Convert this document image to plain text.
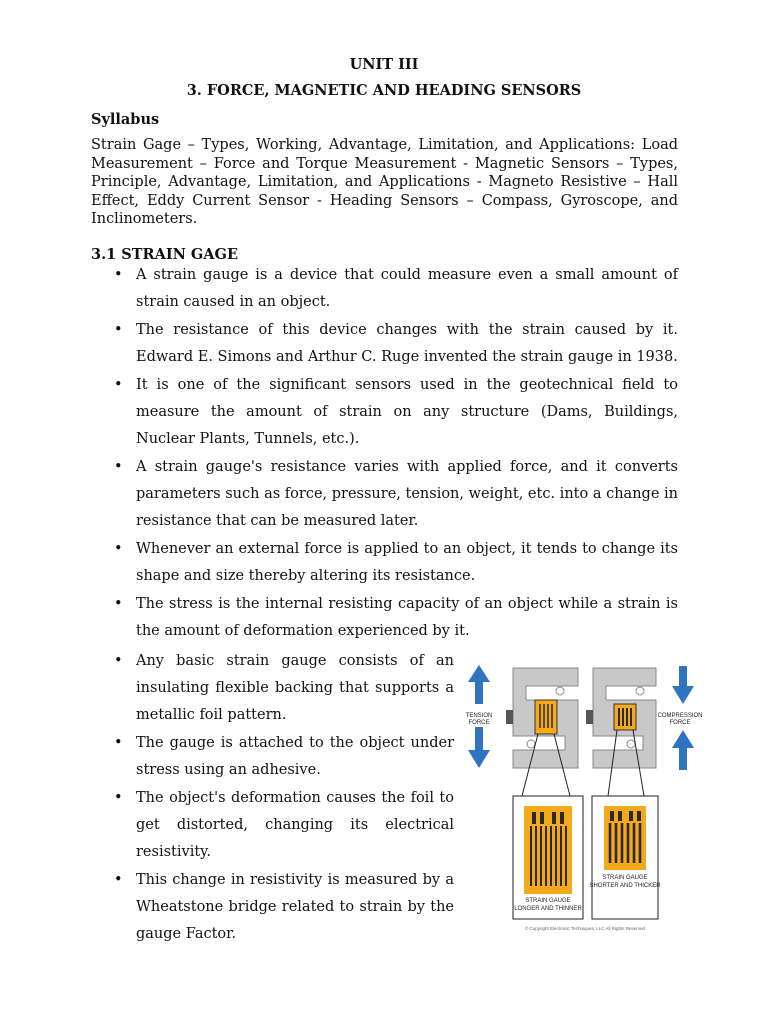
UNIT III
3. FORCE, MAGNETIC AND HEADING SENSORS
Syllabus
Strain Gage – Types, Working, Advantage, Limitation, and Applications: Load Measurement – Force and Torque Measurement - Magnetic Sensors – Types, Principle, Advantage, Limitation, and Applications - Magneto Resistive – Hall Effect, Eddy Current Sensor - Heading Sensors – Compass, Gyroscope, and Inclinometers.
3.1 STRAIN GAGE
• A strain gauge is a device that could measure even a small amount of strain caused in an object.
• The resistance of this device changes with the strain caused by it. Edward E. Simons and Arthur C. Ruge invented the strain gauge in 1938.
• It is one of the significant sensors used in the geotechnical field to measure the amount of strain on any structure (Dams, Buildings, Nuclear Plants, Tunnels, etc.).
• A strain gauge's resistance varies with applied force, and it converts parameters such as force, pressure, tension, weight, etc. into a change in resistance that can be measured later.
• Whenever an external force is applied to an object, it tends to change its shape and size thereby altering its resistance.
• The stress is the internal resisting capacity of an object while a strain is the amount of deformation experienced by it.
• Any basic strain gauge consists of an insulating flexible backing that supports a metallic foil pattern.
• The gauge is attached to the object under stress using an adhesive.
• The object's deformation causes the foil to get distorted, changing its electrical resistivity.
• This change in resistivity is measured by a Wheatstone bridge related to strain by the gauge Factor.
TENSION
FORCE
COMPRESSION
FORCE
STRAIN GAUGE
LONGER AND THINNER
STRAIN GAUGE
SHORTER AND THICKER
© Copyright Electronic Techniques, LLC All Rights Reserved
